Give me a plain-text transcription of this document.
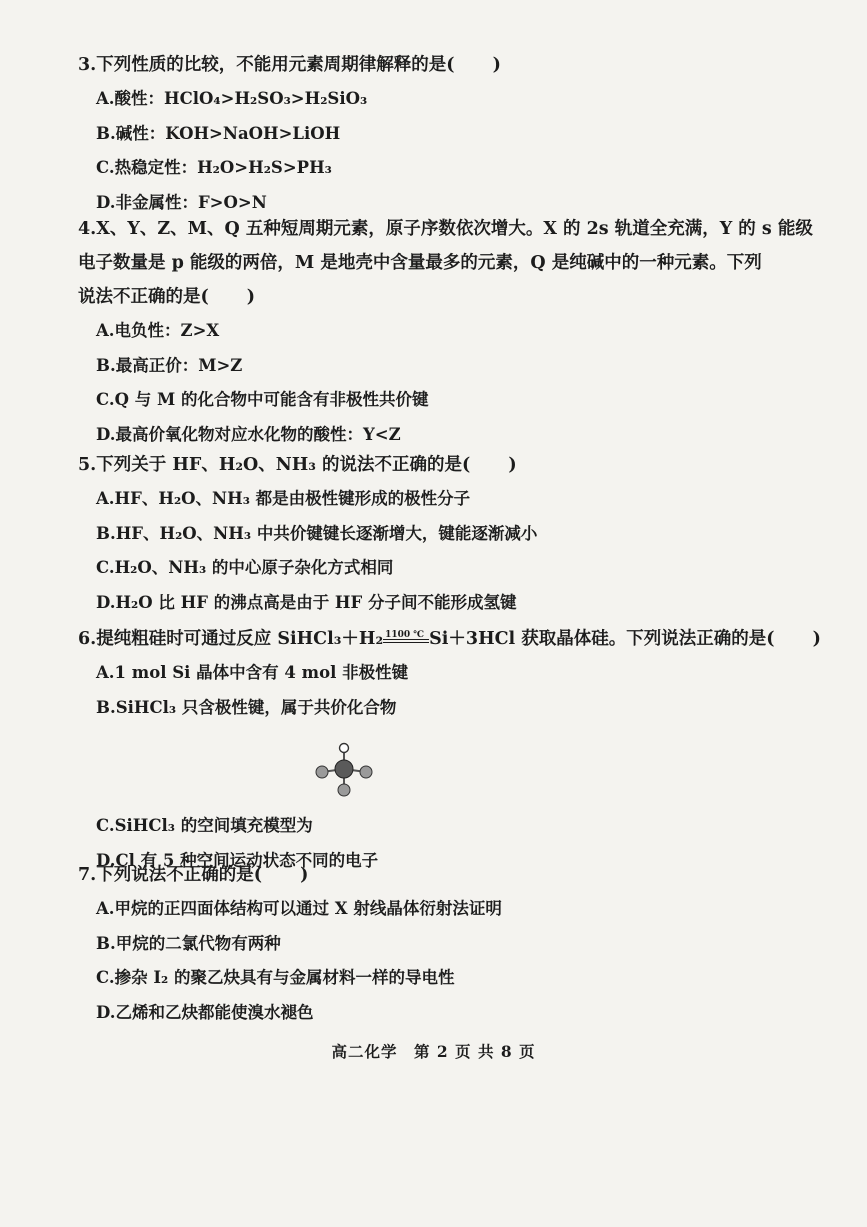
3.下列性质的比较，不能用元素周期律解释的是( )
A.酸性：HClO₄>H₂SO₃>H₂SiO₃
B.碱性：KOH>NaOH>LiOH
C.热稳定性：H₂O>H₂S>PH₃
D.非金属性：F>O>N
4.X、Y、Z、M、Q 五种短周期元素，原子序数依次增大。X 的 2s 轨道全充满，Y 的 s 能级
电子数量是 p 能级的两倍，M 是地壳中含量最多的元素，Q 是纯碱中的一种元素。下列
说法不正确的是( )
A.电负性：Z>X
B.最高正价：M>Z
C.Q 与 M 的化合物中可能含有非极性共价键
D.最高价氧化物对应水化物的酸性：Y<Z
5.下列关于 HF、H₂O、NH₃ 的说法不正确的是( )
A.HF、H₂O、NH₃ 都是由极性键形成的极性分子
B.HF、H₂O、NH₃ 中共价键键长逐渐增大，键能逐渐减小
C.H₂O、NH₃ 的中心原子杂化方式相同
D.H₂O 比 HF 的沸点高是由于 HF 分子间不能形成氢键
6.提纯粗硅时可通过反应 SiHCl₃＋H₂ 1100 ℃ Si＋3HCl 获取晶体硅。下列说法正确的是( )
A.1 mol Si 晶体中含有 4 mol 非极性键
B.SiHCl₃ 只含极性键，属于共价化合物
C.SiHCl₃ 的空间填充模型为
D.Cl 有 5 种空间运动状态不同的电子
7.下列说法不正确的是( )
A.甲烷的正四面体结构可以通过 X 射线晶体衍射法证明
B.甲烷的二氯代物有两种
C.掺杂 I₂ 的聚乙炔具有与金属材料一样的导电性
D.乙烯和乙炔都能使溴水褪色
高二化学　第 2 页 共 8 页
